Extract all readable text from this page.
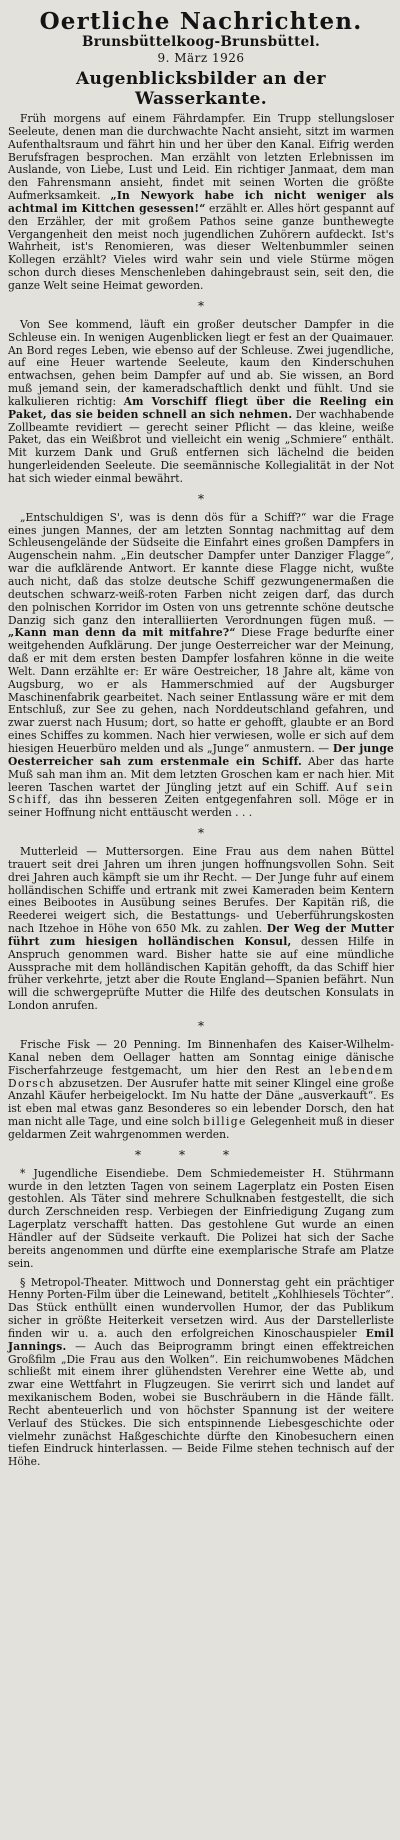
Oertliche Nachrichten.
Brunsbüttelkoog-Brunsbüttel.
9. März 1926
Augenblicksbilder an der Wasserkante.

Früh morgens auf einem Fährdampfer. Ein Trupp stellungsloser Seeleute, denen man die durchwachte Nacht ansieht, sitzt im warmen Aufenthaltsraum und fährt hin und her über den Kanal. Eifrig werden Berufsfragen besprochen. Man erzählt von letzten Erlebnissen im Auslande, von Liebe, Lust und Leid. Ein richtiger Janmaat, dem man den Fahrensmann ansieht, findet mit seinen Worten die größte Aufmerksamkeit. „In Newyork habe ich nicht weniger als achtmal im Kittchen gesessen!“ erzählt er. Alles hört gespannt auf den Erzähler, der mit großem Pathos seine ganze bunthewegte Vergangenheit den meist noch jugendlichen Zuhörern aufdeckt. Ist's Wahrheit, ist's Renomieren, was dieser Weltenbummler seinen Kollegen erzählt? Vieles wird wahr sein und viele Stürme mögen schon durch dieses Menschenleben dahingebraust sein, seit den, die ganze Welt seine Heimat geworden.

*

Von See kommend, läuft ein großer deutscher Dampfer in die Schleuse ein. In wenigen Augenblicken liegt er fest an der Quaimauer. An Bord reges Leben, wie ebenso auf der Schleuse. Zwei jugendliche, auf eine Heuer wartende Seeleute, kaum den Kinderschuhen entwachsen, gehen beim Dampfer auf und ab. Sie wissen, an Bord muß jemand sein, der kameradschaftlich denkt und fühlt. Und sie kalkulieren richtig: Am Vorschiff fliegt über die Reeling ein Paket, das sie beiden schnell an sich nehmen. Der wachhabende Zollbeamte revidiert — gerecht seiner Pflicht — das kleine, weiße Paket, das ein Weißbrot und vielleicht ein wenig „Schmiere“ enthält. Mit kurzem Dank und Gruß entfernen sich lächelnd die beiden hungerleidenden Seeleute. Die seemännische Kollegialität in der Not hat sich wieder einmal bewährt.

*

„Entschuldigen S', was is denn dös für a Schiff?“ war die Frage eines jungen Mannes, der am letzten Sonntag nachmittag auf dem Schleusengelände der Südseite die Einfahrt eines großen Dampfers in Augenschein nahm. „Ein deutscher Dampfer unter Danziger Flagge“, war die aufklärende Antwort. Er kannte diese Flagge nicht, wußte auch nicht, daß das stolze deutsche Schiff gezwungenermaßen die deutschen schwarz-weiß-roten Farben nicht zeigen darf, das durch den polnischen Korridor im Osten von uns getrennte schöne deutsche Danzig sich ganz den interalliierten Verordnungen fügen muß. — „Kann man denn da mit mitfahre?“ Diese Frage bedurfte einer weitgehenden Aufklärung. Der junge Oesterreicher war der Meinung, daß er mit dem ersten besten Dampfer losfahren könne in die weite Welt. Dann erzählte er: Er wäre Oestreicher, 18 Jahre alt, käme von Augsburg, wo er als Hammerschmied auf der Augsburger Maschinenfabrik gearbeitet. Nach seiner Entlassung wäre er mit dem Entschluß, zur See zu gehen, nach Norddeutschland gefahren, und zwar zuerst nach Husum; dort, so hatte er gehofft, glaubte er an Bord eines Schiffes zu kommen. Nach hier verwiesen, wolle er sich auf dem hiesigen Heuerbüro melden und als „Junge“ anmustern. — Der junge Oesterreicher sah zum erstenmale ein Schiff. Aber das harte Muß sah man ihm an. Mit dem letzten Groschen kam er nach hier. Mit leeren Taschen wartet der Jüngling jetzt auf ein Schiff. Auf sein Schiff, das ihn besseren Zeiten entgegenfahren soll. Möge er in seiner Hoffnung nicht enttäuscht werden . . .

*

Mutterleid — Muttersorgen. Eine Frau aus dem nahen Büttel trauert seit drei Jahren um ihren jungen hoffnungsvollen Sohn. Seit drei Jahren auch kämpft sie um ihr Recht. — Der Junge fuhr auf einem holländischen Schiffe und ertrank mit zwei Kameraden beim Kentern eines Beibootes in Ausübung seines Berufes. Der Kapitän riß, die Reederei weigert sich, die Bestattungs- und Ueberführungskosten nach Itzehoe in Höhe von 650 Mk. zu zahlen. Der Weg der Mutter führt zum hiesigen holländischen Konsul, dessen Hilfe in Anspruch genommen ward. Bisher hatte sie auf eine mündliche Aussprache mit dem holländischen Kapitän gehofft, da das Schiff hier früher verkehrte, jetzt aber die Route England—Spanien befährt. Nun will die schwergeprüfte Mutter die Hilfe des deutschen Konsulats in London anrufen.

*

Frische Fisk — 20 Penning. Im Binnenhafen des Kaiser-Wilhelm-Kanal neben dem Oellager hatten am Sonntag einige dänische Fischerfahrzeuge festgemacht, um hier den Rest an lebendem Dorsch abzusetzen. Der Ausrufer hatte mit seiner Klingel eine große Anzahl Käufer herbeigelockt. Im Nu hatte der Däne „ausverkauft“. Es ist eben mal etwas ganz Besonderes so ein lebender Dorsch, den hat man nicht alle Tage, und eine solch billige Gelegenheit muß in dieser geldarmen Zeit wahrgenommen werden.

***

* Jugendliche Eisendiebe. Dem Schmiedemeister H. Stührmann wurde in den letzten Tagen von seinem Lagerplatz ein Posten Eisen gestohlen. Als Täter sind mehrere Schulknaben festgestellt, die sich durch Zerschneiden resp. Verbiegen der Einfriedigung Zugang zum Lagerplatz verschafft hatten. Das gestohlene Gut wurde an einen Händler auf der Südseite verkauft. Die Polizei hat sich der Sache bereits angenommen und dürfte eine exemplarische Strafe am Platze sein.

§ Metropol-Theater. Mittwoch und Donnerstag geht ein prächtiger Henny Porten-Film über die Leinewand, betitelt „Kohlhiesels Töchter“. Das Stück enthüllt einen wundervollen Humor, der das Publikum sicher in größte Heiterkeit versetzen wird. Aus der Darstellerliste finden wir u. a. auch den erfolgreichen Kinoschauspieler Emil Jannings. — Auch das Beiprogramm bringt einen effektreichen Großfilm „Die Frau aus den Wolken“. Ein reichumwobenes Mädchen schließt mit einem ihrer glühendsten Verehrer eine Wette ab, und zwar eine Wettfahrt in Flugzeugen. Sie verirrt sich und landet auf mexikanischem Boden, wobei sie Buschräubern in die Hände fällt. Recht abenteuerlich und von höchster Spannung ist der weitere Verlauf des Stückes. Die sich entspinnende Liebesgeschichte oder vielmehr zunächst Haßgeschichte dürfte den Kinobesuchern einen tiefen Eindruck hinterlassen. — Beide Filme stehen technisch auf der Höhe.
